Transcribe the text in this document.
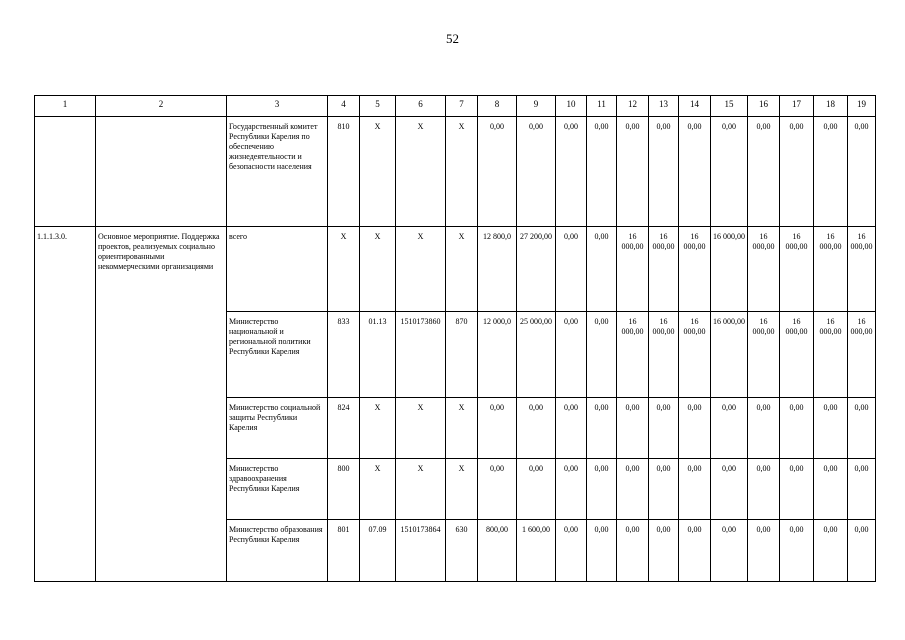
52
1	2	3	4	5	6	7	8	9	10	11	12	13	14	15	16	17	18	19
		Государственный комитет Республики Карелия по обеспечению жизнедеятельности и безопасности населения	810	X	X	X	0,00	0,00	0,00	0,00	0,00	0,00	0,00	0,00	0,00	0,00	0,00	0,00
1.1.1.3.0.	Основное мероприятие. Поддержка проектов, реализуемых социально ориентированными некоммерческими организациями	всего	X	X	X	X	12 800,0	27 200,00	0,00	0,00	16 000,00	16 000,00	16 000,00	16 000,00	16 000,00	16 000,00	16 000,00	16 000,00
		Министерство национальной и региональной политики Республики Карелия	833	01.13	1510173860	870	12 000,0	25 000,00	0,00	0,00	16 000,00	16 000,00	16 000,00	16 000,00	16 000,00	16 000,00	16 000,00	16 000,00
		Министерство социальной защиты Республики Карелия	824	X	X	X	0,00	0,00	0,00	0,00	0,00	0,00	0,00	0,00	0,00	0,00	0,00	0,00
		Министерство здравоохранения Республики Карелия	800	X	X	X	0,00	0,00	0,00	0,00	0,00	0,00	0,00	0,00	0,00	0,00	0,00	0,00
		Министерство образования Республики Карелия	801	07.09	1510173864	630	800,00	1 600,00	0,00	0,00	0,00	0,00	0,00	0,00	0,00	0,00	0,00	0,00
